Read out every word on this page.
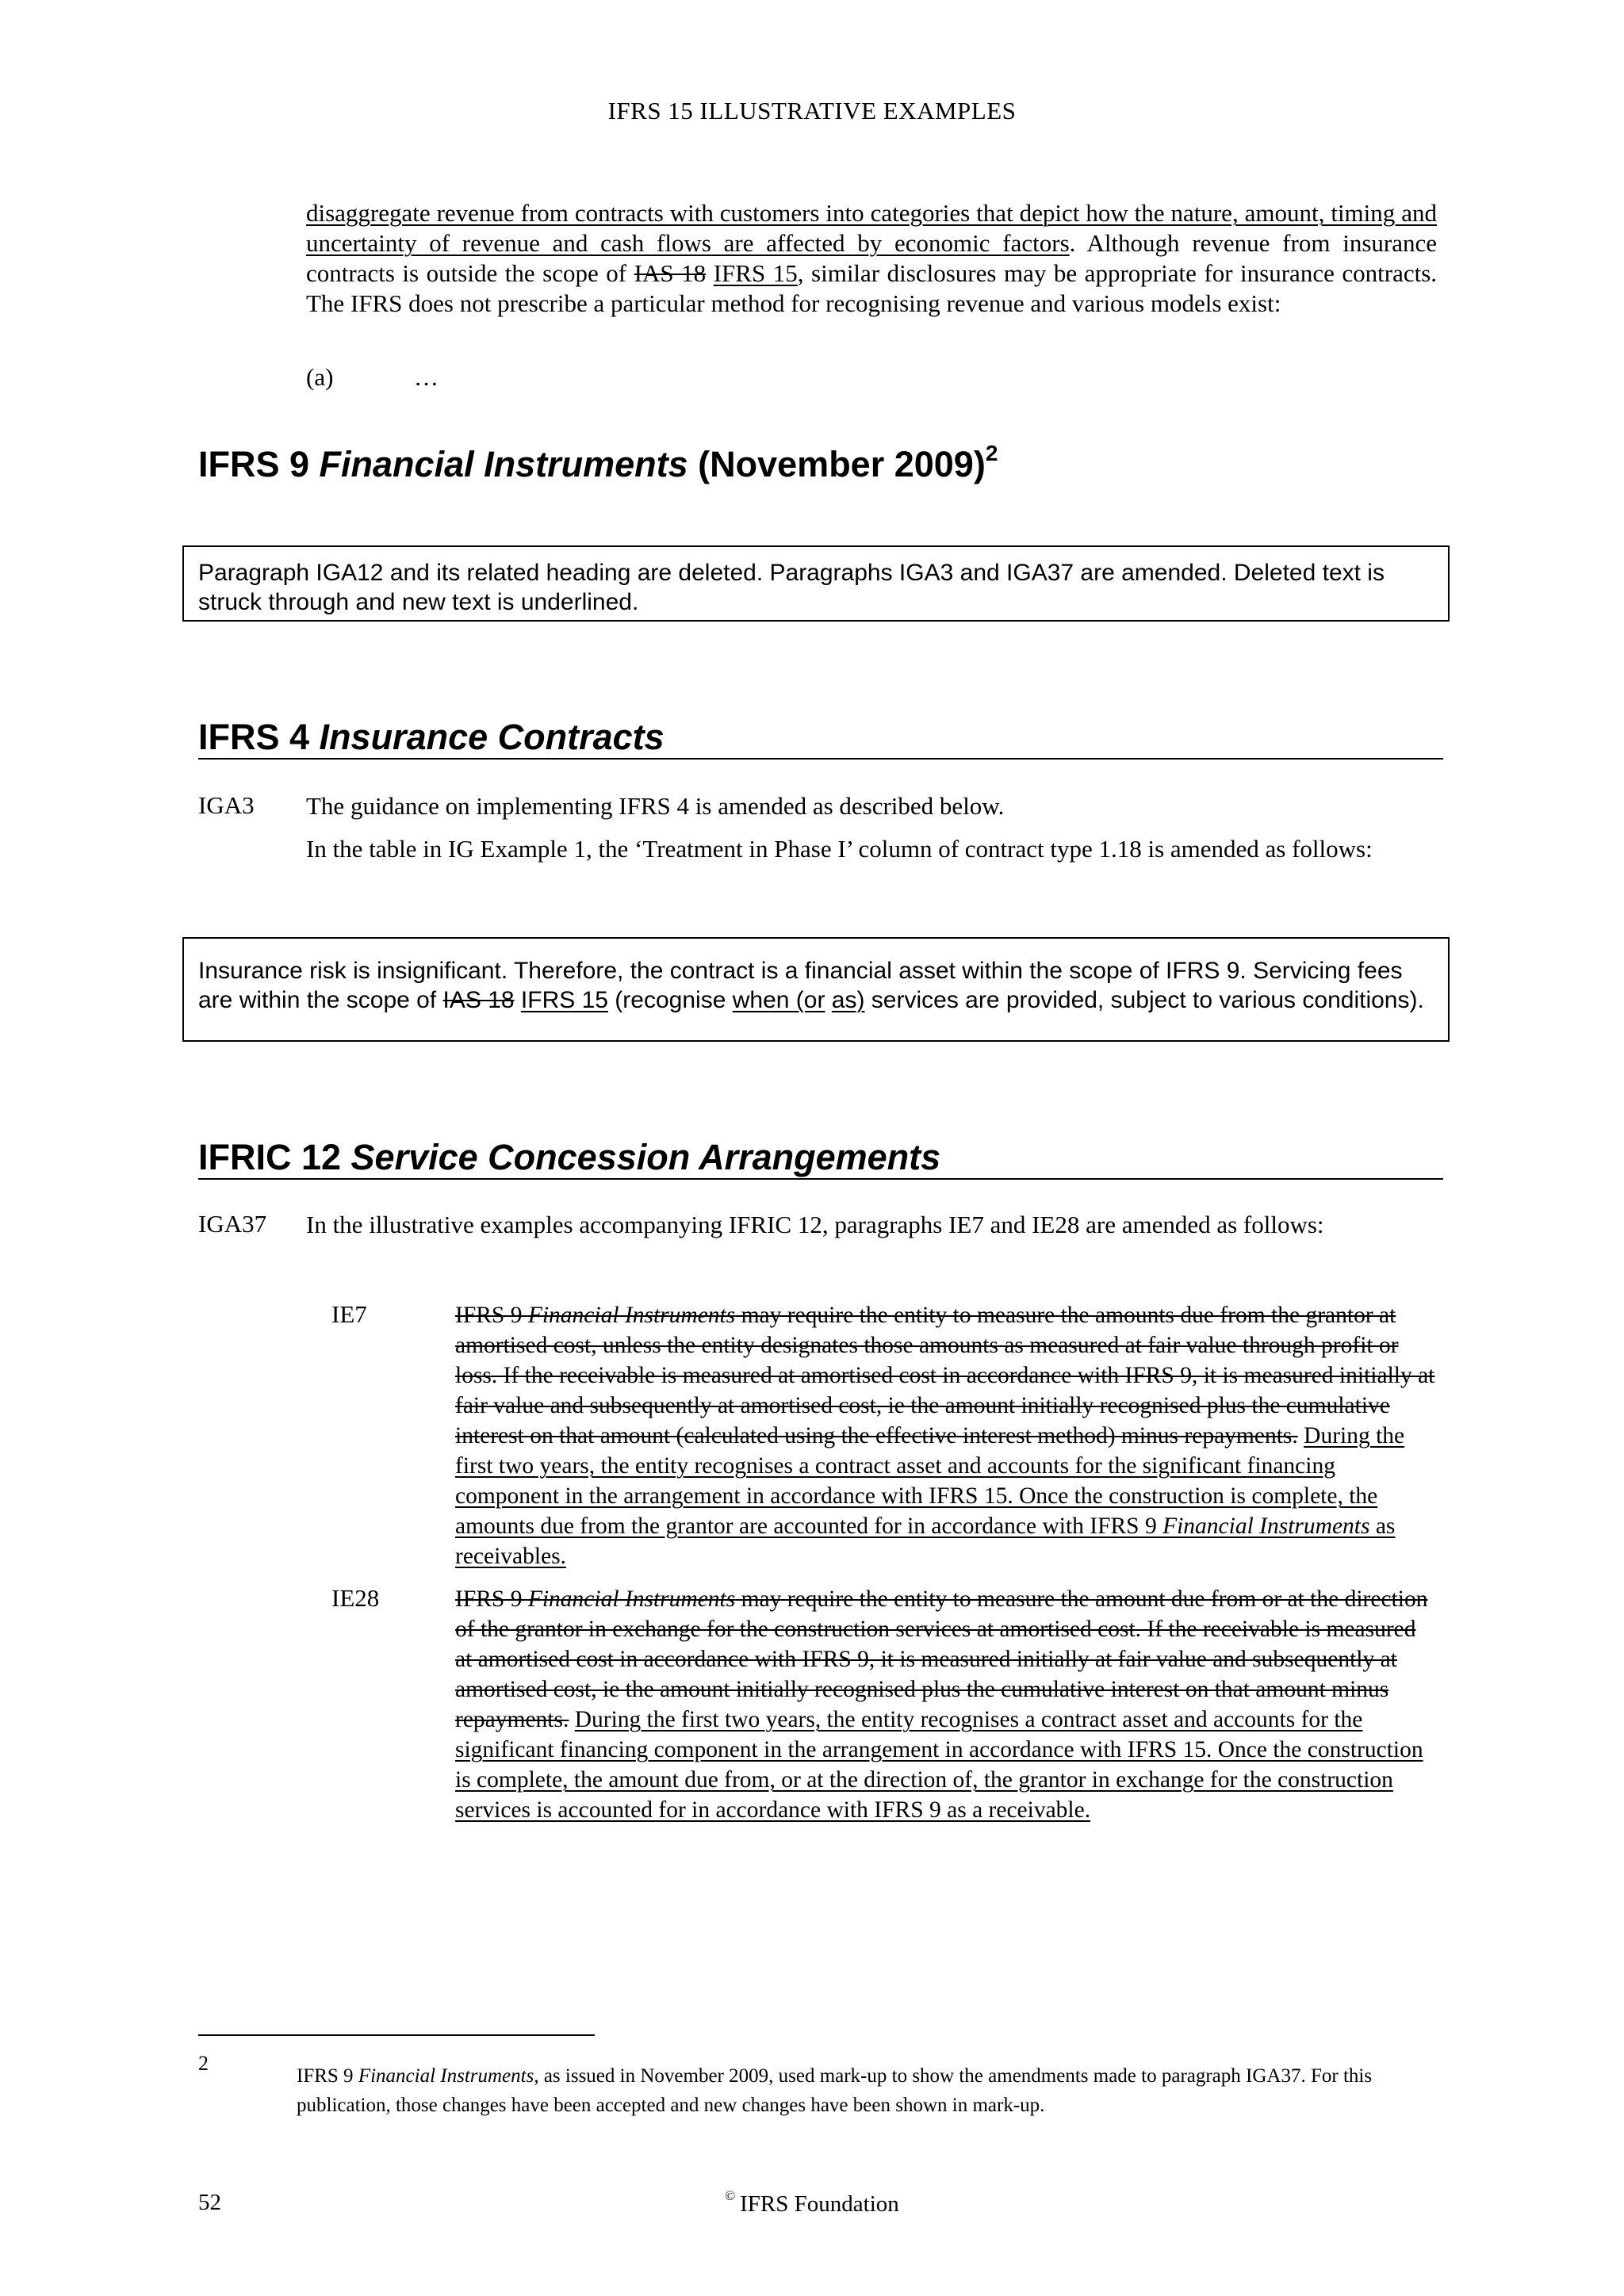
IFRS 15 ILLUSTRATIVE EXAMPLES
disaggregate revenue from contracts with customers into categories that depict how the nature, amount, timing and uncertainty of revenue and cash flows are affected by economic factors. Although revenue from insurance contracts is outside the scope of IAS 18 IFRS 15, similar disclosures may be appropriate for insurance contracts. The IFRS does not prescribe a particular method for recognising revenue and various models exist:
(a)	…
IFRS 9 Financial Instruments (November 2009)$^2$
Paragraph IGA12 and its related heading are deleted. Paragraphs IGA3 and IGA37 are amended. Deleted text is struck through and new text is underlined.
IFRS 4 Insurance Contracts
IGA3 The guidance on implementing IFRS 4 is amended as described below.
In the table in IG Example 1, the ‘Treatment in Phase I’ column of contract type 1.18 is amended as follows:
Insurance risk is insignificant. Therefore, the contract is a financial asset within the scope of IFRS 9. Servicing fees are within the scope of IAS 18 IFRS 15 (recognise when (or as) services are provided, subject to various conditions).
IFRIC 12 Service Concession Arrangements
IGA37 In the illustrative examples accompanying IFRIC 12, paragraphs IE7 and IE28 are amended as follows:
IE7	IFRS 9 Financial Instruments may require the entity to measure the amounts due from the grantor at amortised cost, unless the entity designates those amounts as measured at fair value through profit or loss. If the receivable is measured at amortised cost in accordance with IFRS 9, it is measured initially at fair value and subsequently at amortised cost, ie the amount initially recognised plus the cumulative interest on that amount (calculated using the effective interest method) minus repayments. During the first two years, the entity recognises a contract asset and accounts for the significant financing component in the arrangement in accordance with IFRS 15. Once the construction is complete, the amounts due from the grantor are accounted for in accordance with IFRS 9 Financial Instruments as receivables.
IE28	IFRS 9 Financial Instruments may require the entity to measure the amount due from or at the direction of the grantor in exchange for the construction services at amortised cost. If the receivable is measured at amortised cost in accordance with IFRS 9, it is measured initially at fair value and subsequently at amortised cost, ie the amount initially recognised plus the cumulative interest on that amount minus repayments. During the first two years, the entity recognises a contract asset and accounts for the significant financing component in the arrangement in accordance with IFRS 15. Once the construction is complete, the amount due from, or at the direction of, the grantor in exchange for the construction services is accounted for in accordance with IFRS 9 as a receivable.
2
IFRS 9 Financial Instruments, as issued in November 2009, used mark-up to show the amendments made to paragraph IGA37. For this publication, those changes have been accepted and new changes have been shown in mark-up.
52	© IFRS Foundation
